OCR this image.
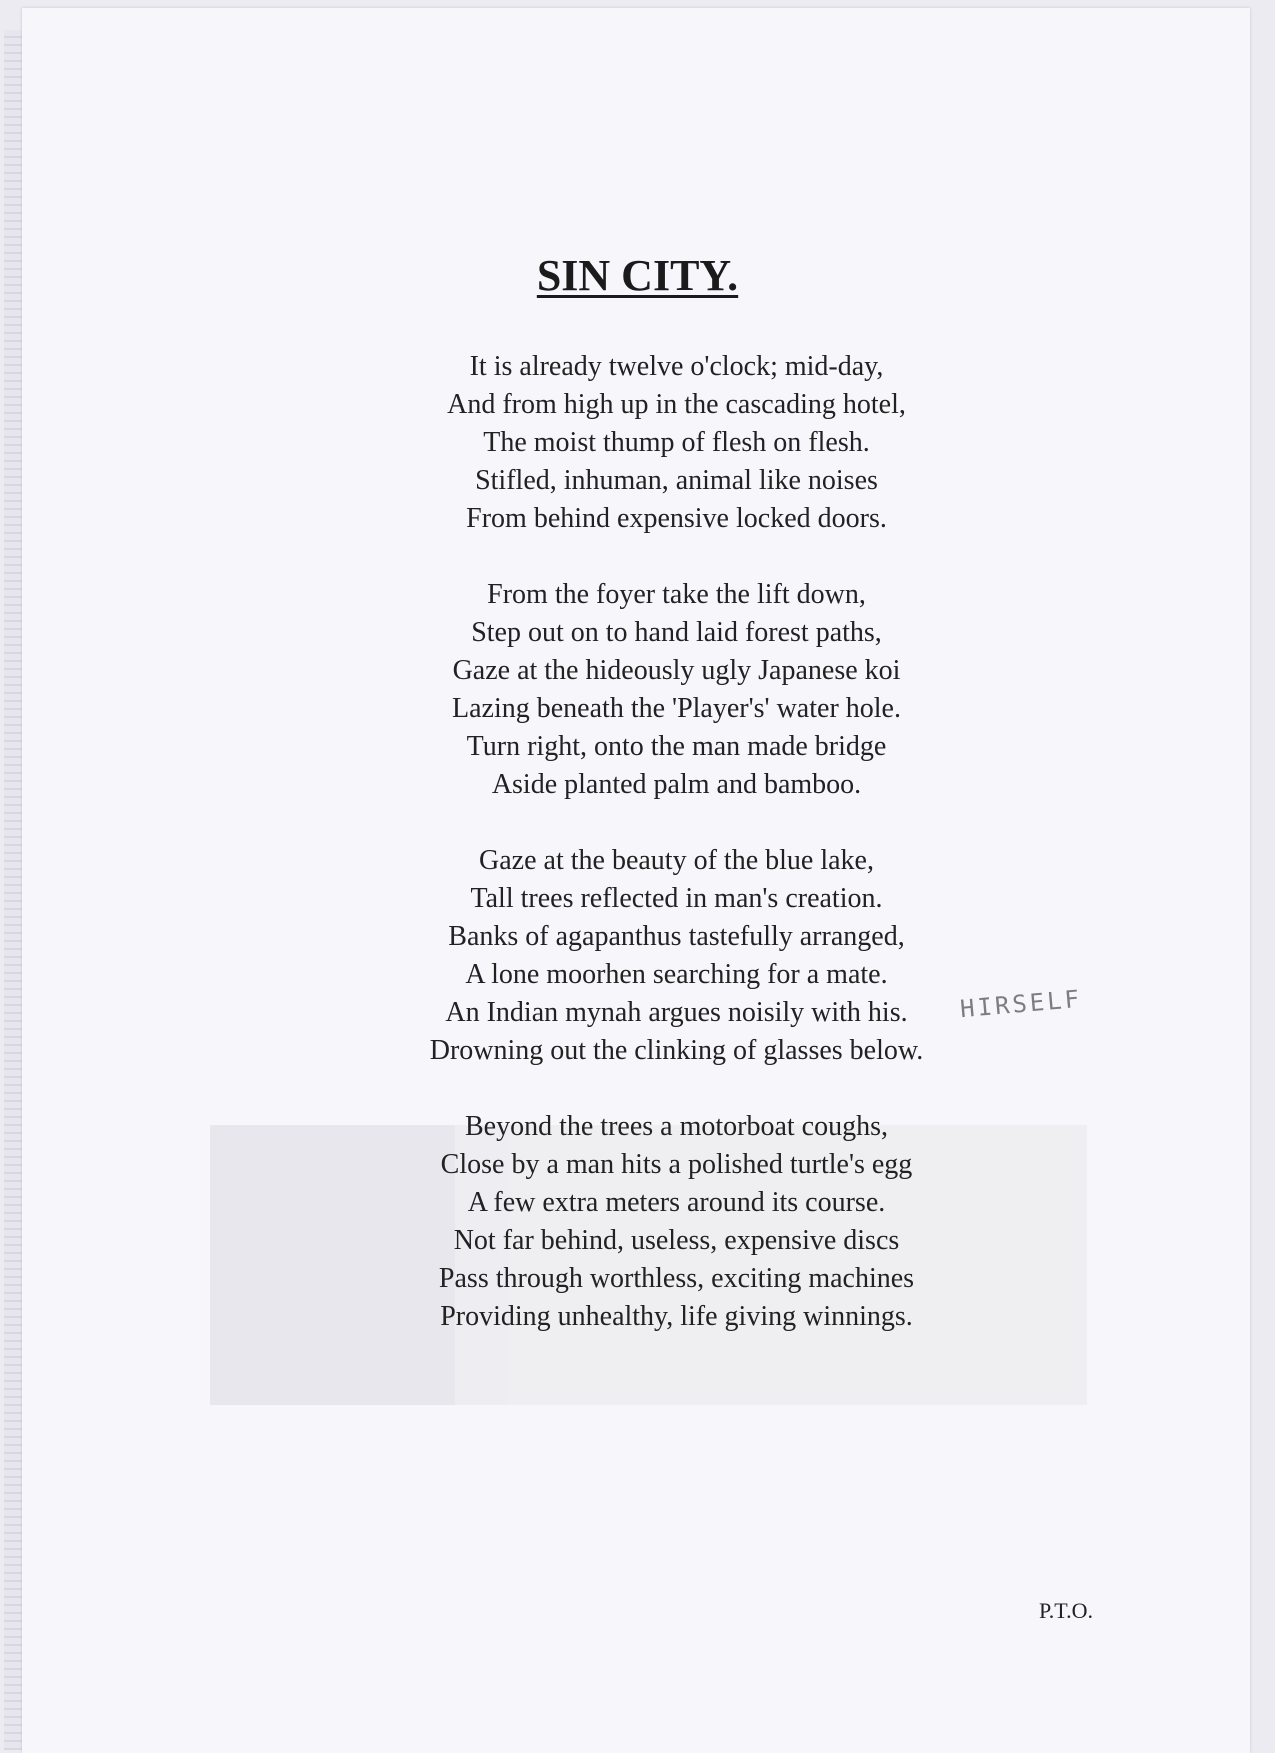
SIN CITY.
It is already twelve o'clock; mid-day,
And from high up in the cascading hotel,
The moist thump of flesh on flesh.
Stifled, inhuman, animal like noises
From behind expensive locked doors.
From the foyer take the lift down,
Step out on to hand laid forest paths,
Gaze at the hideously ugly Japanese koi
Lazing beneath the 'Player's' water hole.
Turn right, onto the man made bridge
Aside planted palm and bamboo.
Gaze at the beauty of the blue lake,
Tall trees reflected in man's creation.
Banks of agapanthus tastefully arranged,
A lone moorhen searching for a mate.
An Indian mynah argues noisily with his.
Drowning out the clinking of glasses below.
Beyond the trees a motorboat coughs,
Close by a man hits a polished turtle's egg
A few extra meters around its course.
Not far behind, useless, expensive discs
Pass through worthless, exciting machines
Providing unhealthy, life giving winnings.
HIRSELF
P.T.O.
